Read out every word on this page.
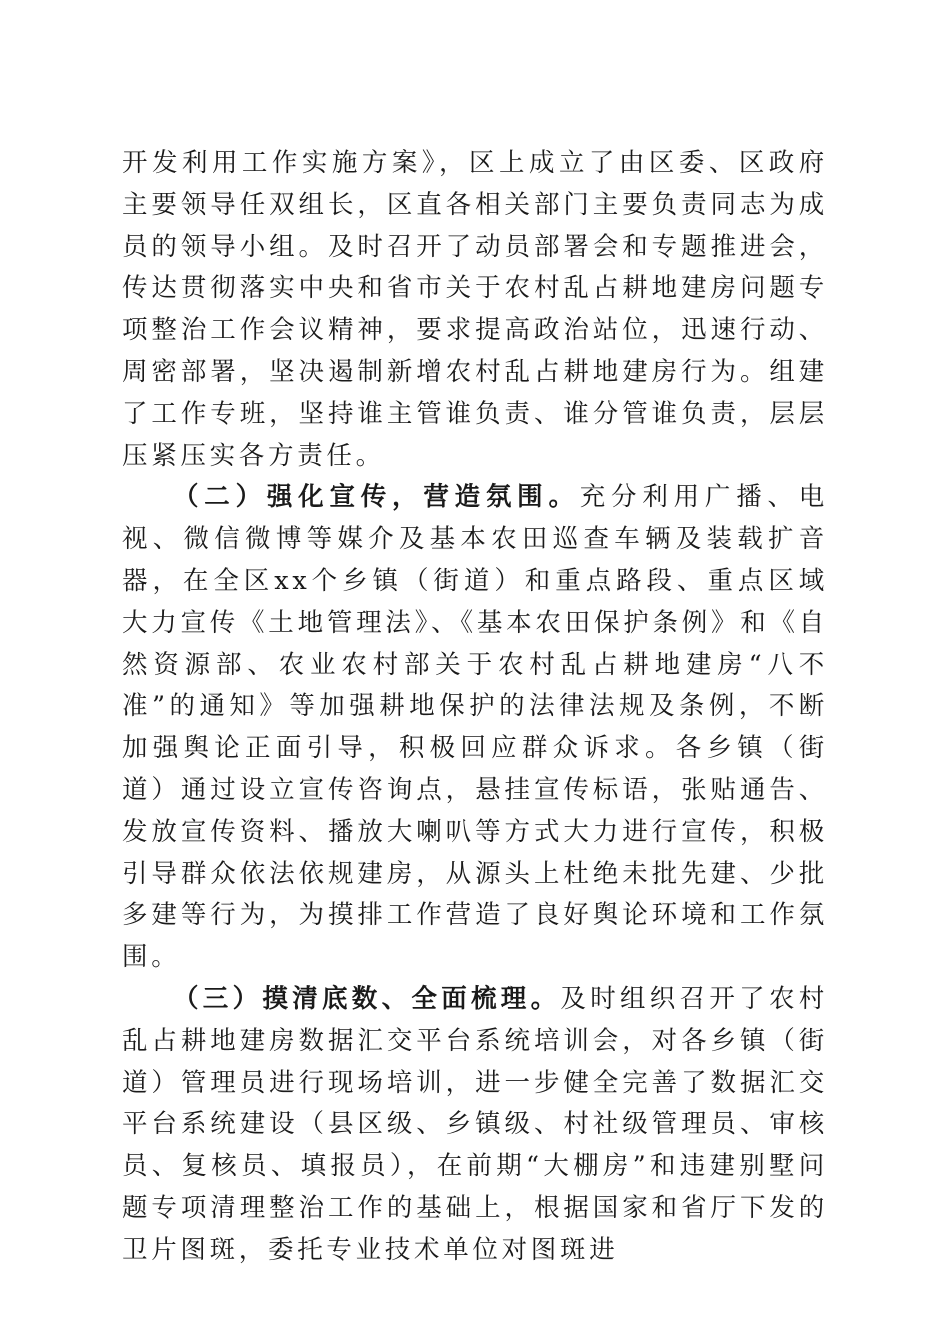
开发利用工作实施方案》，区上成立了由区委、区政府主要领导任双组长，区直各相关部门主要负责同志为成员的领导小组。及时召开了动员部署会和专题推进会，传达贯彻落实中央和省市关于农村乱占耕地建房问题专项整治工作会议精神，要求提高政治站位，迅速行动、周密部署，坚决遏制新增农村乱占耕地建房行为。组建了工作专班，坚持谁主管谁负责、谁分管谁负责，层层压紧压实各方责任。

（二）强化宣传，营造氛围。充分利用广播、电视、微信微博等媒介及基本农田巡查车辆及装载扩音器，在全区xx个乡镇（街道）和重点路段、重点区域大力宣传《土地管理法》、《基本农田保护条例》和《自然资源部、农业农村部关于农村乱占耕地建房“八不准”的通知》等加强耕地保护的法律法规及条例，不断加强舆论正面引导，积极回应群众诉求。各乡镇（街道）通过设立宣传咨询点，悬挂宣传标语，张贴通告、发放宣传资料、播放大喇叭等方式大力进行宣传，积极引导群众依法依规建房，从源头上杜绝未批先建、少批多建等行为，为摸排工作营造了良好舆论环境和工作氛围。

（三）摸清底数、全面梳理。及时组织召开了农村乱占耕地建房数据汇交平台系统培训会，对各乡镇（街道）管理员进行现场培训，进一步健全完善了数据汇交平台系统建设（县区级、乡镇级、村社级管理员、审核员、复核员、填报员），在前期“大棚房”和违建别墅问题专项清理整治工作的基础上，根据国家和省厅下发的卫片图斑，委托专业技术单位对图斑进
